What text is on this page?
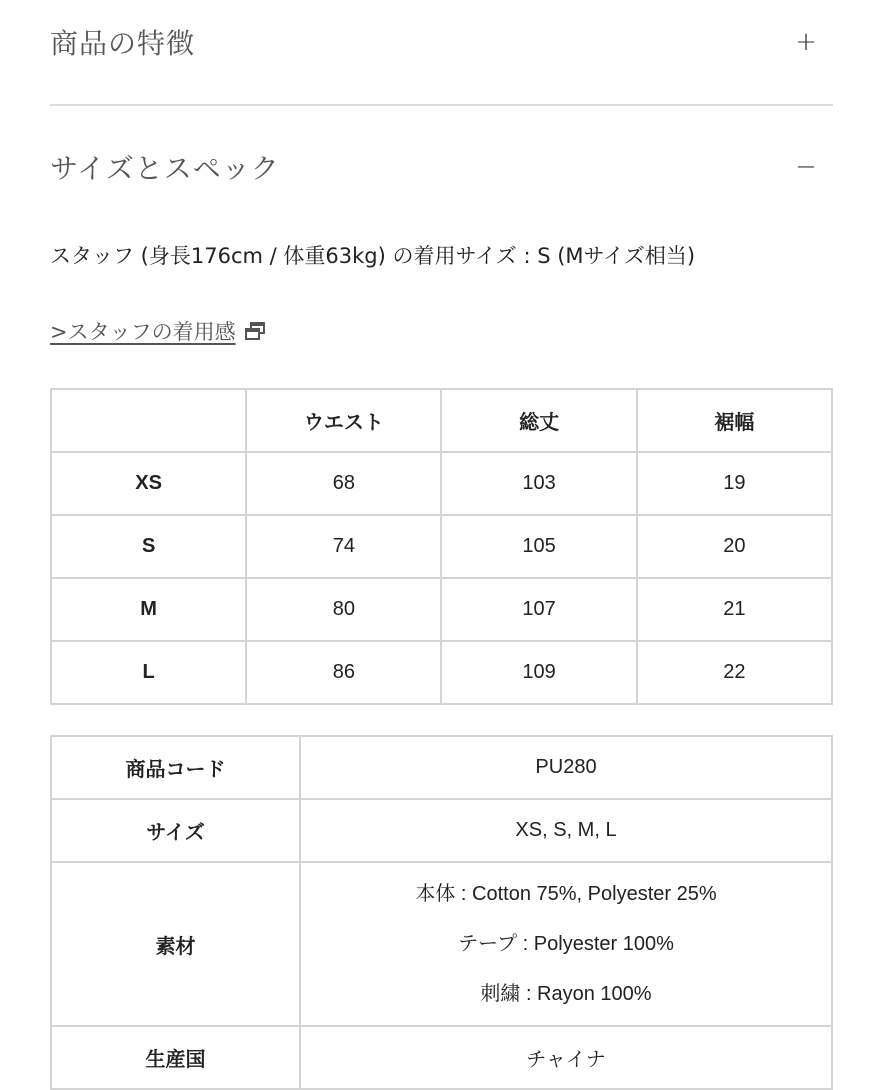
商品の特徴	+
サイズとスペック	−
スタッフ (身長176cm / 体重63kg) の着用サイズ : S (Mサイズ相当)
>スタッフの着用感
	ウエスト	総丈	裾幅
XS	68	103	19
S	74	105	20
M	80	107	21
L	86	109	22
商品コード	PU280
サイズ	XS, S, M, L
素材	本体 : Cotton 75%, Polyester 25%
テープ : Polyester 100%
刺繍 : Rayon 100%

生産国	チャイナ
